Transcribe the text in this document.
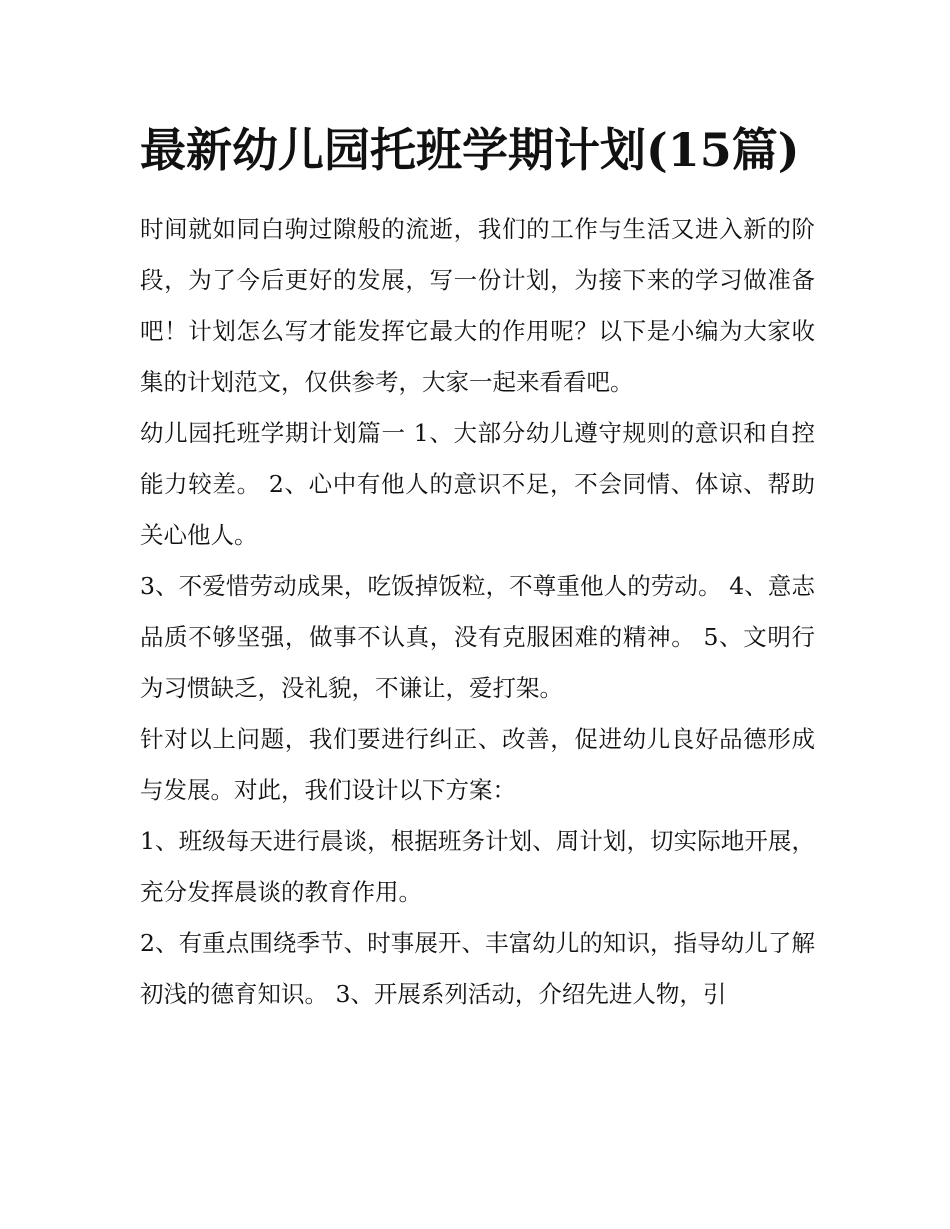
最新幼儿园托班学期计划(15篇)

时间就如同白驹过隙般的流逝，我们的工作与生活又进入新的阶段，为了今后更好的发展，写一份计划，为接下来的学习做准备吧！计划怎么写才能发挥它最大的作用呢？以下是小编为大家收集的计划范文，仅供参考，大家一起来看看吧。

幼儿园托班学期计划篇一 1、大部分幼儿遵守规则的意识和自控能力较差。 2、心中有他人的意识不足，不会同情、体谅、帮助关心他人。

3、不爱惜劳动成果，吃饭掉饭粒，不尊重他人的劳动。 4、意志品质不够坚强，做事不认真，没有克服困难的精神。 5、文明行为习惯缺乏，没礼貌，不谦让，爱打架。

针对以上问题，我们要进行纠正、改善，促进幼儿良好品德形成与发展。对此，我们设计以下方案：

1、班级每天进行晨谈，根据班务计划、周计划，切实际地开展，充分发挥晨谈的教育作用。

2、有重点围绕季节、时事展开、丰富幼儿的知识，指导幼儿了解初浅的德育知识。 3、开展系列活动，介绍先进人物，引
